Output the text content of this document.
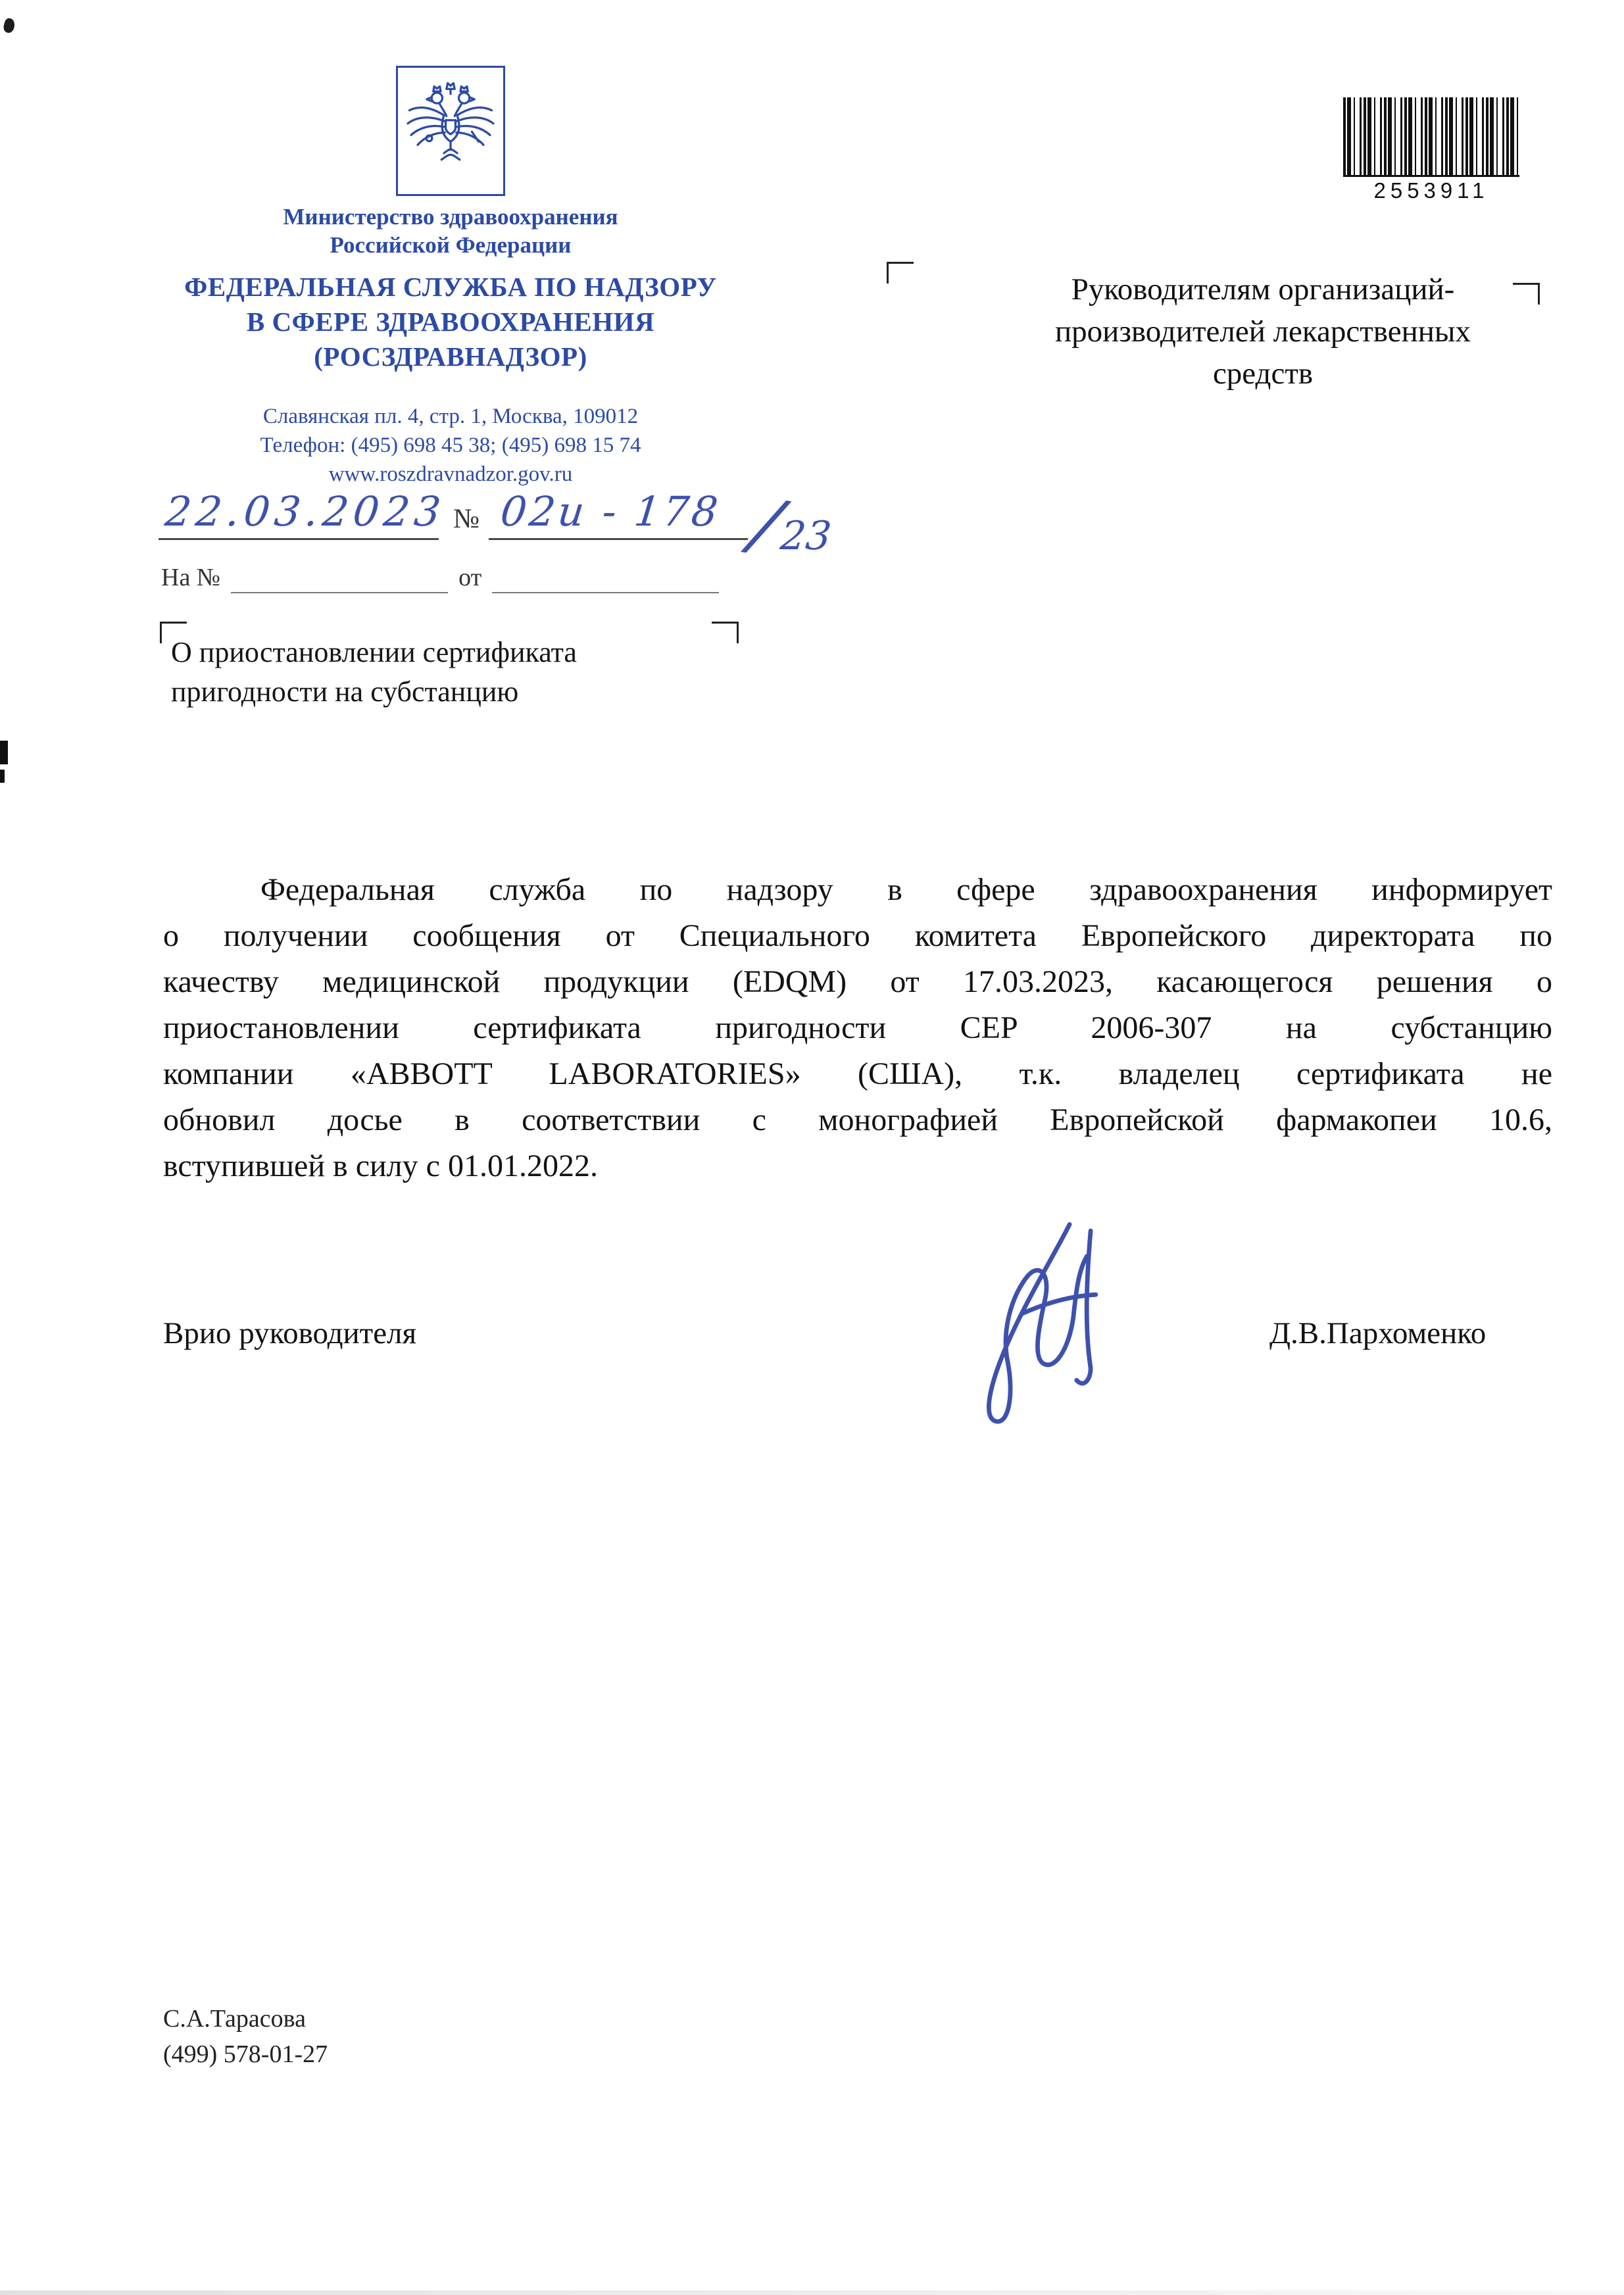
Министерство здравоохранения
Российской Федерации
ФЕДЕРАЛЬНАЯ СЛУЖБА ПО НАДЗОРУ
В СФЕРЕ ЗДРАВООХРАНЕНИЯ
(РОСЗДРАВНАДЗОР)
Славянская пл. 4, стр. 1, Москва, 109012
Телефон: (495) 698 45 38; (495) 698 15 74
www.roszdravnadzor.gov.ru
2553911
Руководителям организаций-
производителей лекарственных
средств
22.03.2023 № 02и - 178 /
23
На №	от
О приостановлении сертификата
пригодности на субстанцию
Федеральная служба по надзору в сфере здравоохранения информирует
о получении сообщения от Специального комитета Европейского директората по
качеству медицинской продукции (EDQM) от 17.03.2023, касающегося решения о
приостановлении сертификата пригодности CEP 2006-307 на субстанцию
компании «ABBOTT LABORATORIES» (США), т.к. владелец сертификата не
обновил досье в соответствии с монографией Европейской фармакопеи 10.6,
вступившей в силу с 01.01.2022.
Врио руководителя	Д.В.Пархоменко
С.А.Тарасова
(499) 578-01-27
